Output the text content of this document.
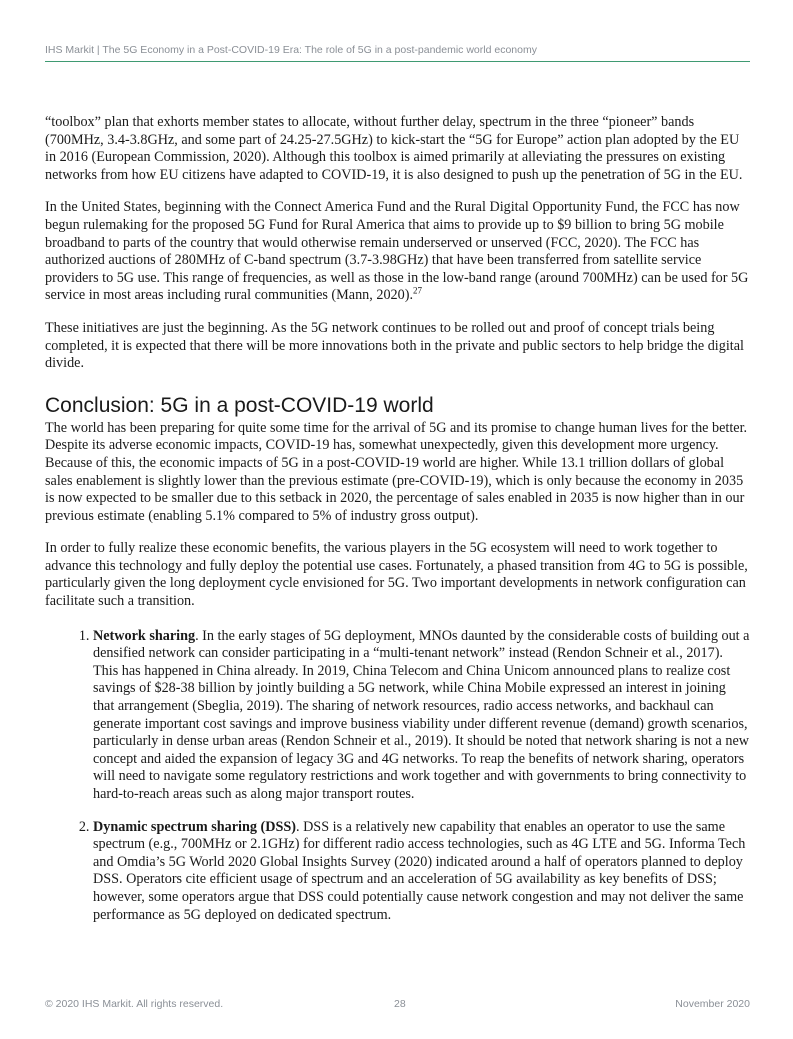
IHS Markit | The 5G Economy in a Post-COVID-19 Era: The role of 5G in a post-pandemic world economy

“toolbox” plan that exhorts member states to allocate, without further delay, spectrum in the three “pioneer” bands (700MHz, 3.4-3.8GHz, and some part of 24.25-27.5GHz) to kick-start the “5G for Europe” action plan adopted by the EU in 2016 (European Commission, 2020). Although this toolbox is aimed primarily at alleviating the pressures on existing networks from how EU citizens have adapted to COVID-19, it is also designed to push up the penetration of 5G in the EU.

In the United States, beginning with the Connect America Fund and the Rural Digital Opportunity Fund, the FCC has now begun rulemaking for the proposed 5G Fund for Rural America that aims to provide up to $9 billion to bring 5G mobile broadband to parts of the country that would otherwise remain underserved or unserved (FCC, 2020). The FCC has authorized auctions of 280MHz of C-band spectrum (3.7-3.98GHz) that have been transferred from satellite service providers to 5G use. This range of frequencies, as well as those in the low-band range (around 700MHz) can be used for 5G service in most areas including rural communities (Mann, 2020).$^{27}$

These initiatives are just the beginning. As the 5G network continues to be rolled out and proof of concept trials being completed, it is expected that there will be more innovations both in the private and public sectors to help bridge the digital divide.

Conclusion: 5G in a post-COVID-19 world

The world has been preparing for quite some time for the arrival of 5G and its promise to change human lives for the better. Despite its adverse economic impacts, COVID-19 has, somewhat unexpectedly, given this development more urgency. Because of this, the economic impacts of 5G in a post-COVID-19 world are higher. While 13.1 trillion dollars of global sales enablement is slightly lower than the previous estimate (pre-COVID-19), which is only because the economy in 2035 is now expected to be smaller due to this setback in 2020, the percentage of sales enabled in 2035 is now higher than in our previous estimate (enabling 5.1% compared to 5% of industry gross output).

In order to fully realize these economic benefits, the various players in the 5G ecosystem will need to work together to advance this technology and fully deploy the potential use cases. Fortunately, a phased transition from 4G to 5G is possible, particularly given the long deployment cycle envisioned for 5G. Two important developments in network configuration can facilitate such a transition.

1. Network sharing. In the early stages of 5G deployment, MNOs daunted by the considerable costs of building out a densified network can consider participating in a “multi-tenant network” instead (Rendon Schneir et al., 2017). This has happened in China already. In 2019, China Telecom and China Unicom announced plans to realize cost savings of $28-38 billion by jointly building a 5G network, while China Mobile expressed an interest in joining that arrangement (Sbeglia, 2019). The sharing of network resources, radio access networks, and backhaul can generate important cost savings and improve business viability under different revenue (demand) growth scenarios, particularly in dense urban areas (Rendon Schneir et al., 2019). It should be noted that network sharing is not a new concept and aided the expansion of legacy 3G and 4G networks. To reap the benefits of network sharing, operators will need to navigate some regulatory restrictions and work together and with governments to bring connectivity to hard-to-reach areas such as along major transport routes.
2. Dynamic spectrum sharing (DSS). DSS is a relatively new capability that enables an operator to use the same spectrum (e.g., 700MHz or 2.1GHz) for different radio access technologies, such as 4G LTE and 5G. Informa Tech and Omdia’s 5G World 2020 Global Insights Survey (2020) indicated around a half of operators planned to deploy DSS. Operators cite efficient usage of spectrum and an acceleration of 5G availability as key benefits of DSS; however, some operators argue that DSS could potentially cause network congestion and may not deliver the same performance as 5G deployed on dedicated spectrum.
© 2020 IHS Markit. All rights reserved.	28	November 2020
